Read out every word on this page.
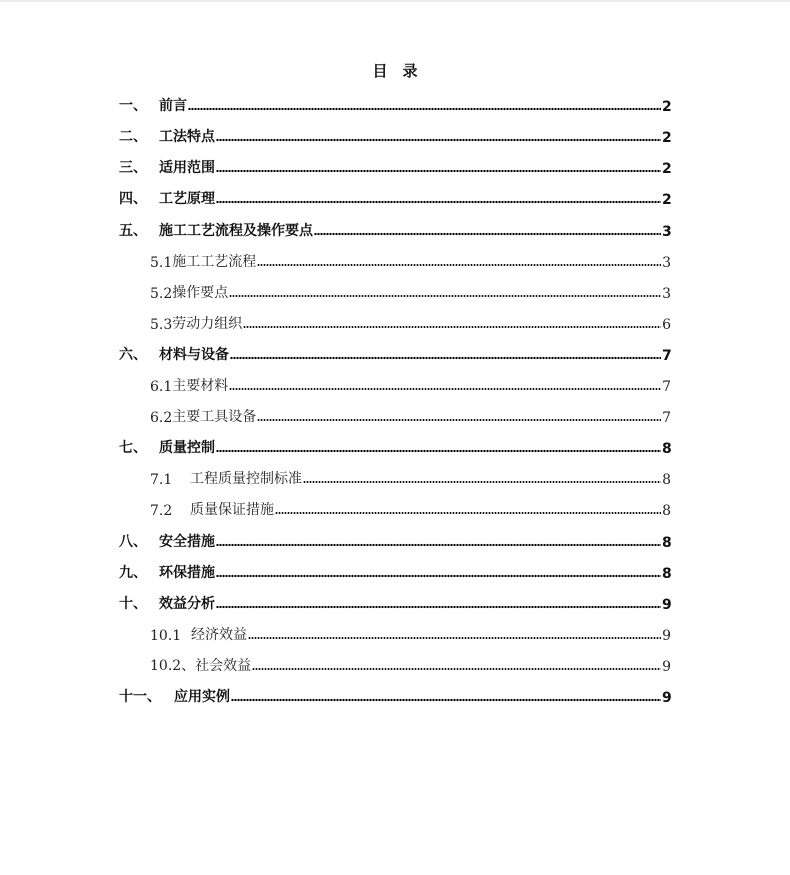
目　录
一、 前言	2
二、 工法特点	2
三、 适用范围	2
四、 工艺原理	2
五、 施工工艺流程及操作要点	3
5.1 施工工艺流程	3
5.2 操作要点	3
5.3 劳动力组织	6
六、 材料与设备	7
6.1 主要材料	7
6.2 主要工具设备	7
七、 质量控制	8
7.1	工程质量控制标准	8
7.2	质量保证措施	8
八、 安全措施	8
九、 环保措施	8
十、 效益分析	9
10.1 经济效益	9
10.2、 社会效益	9
十一、 应用实例	9
